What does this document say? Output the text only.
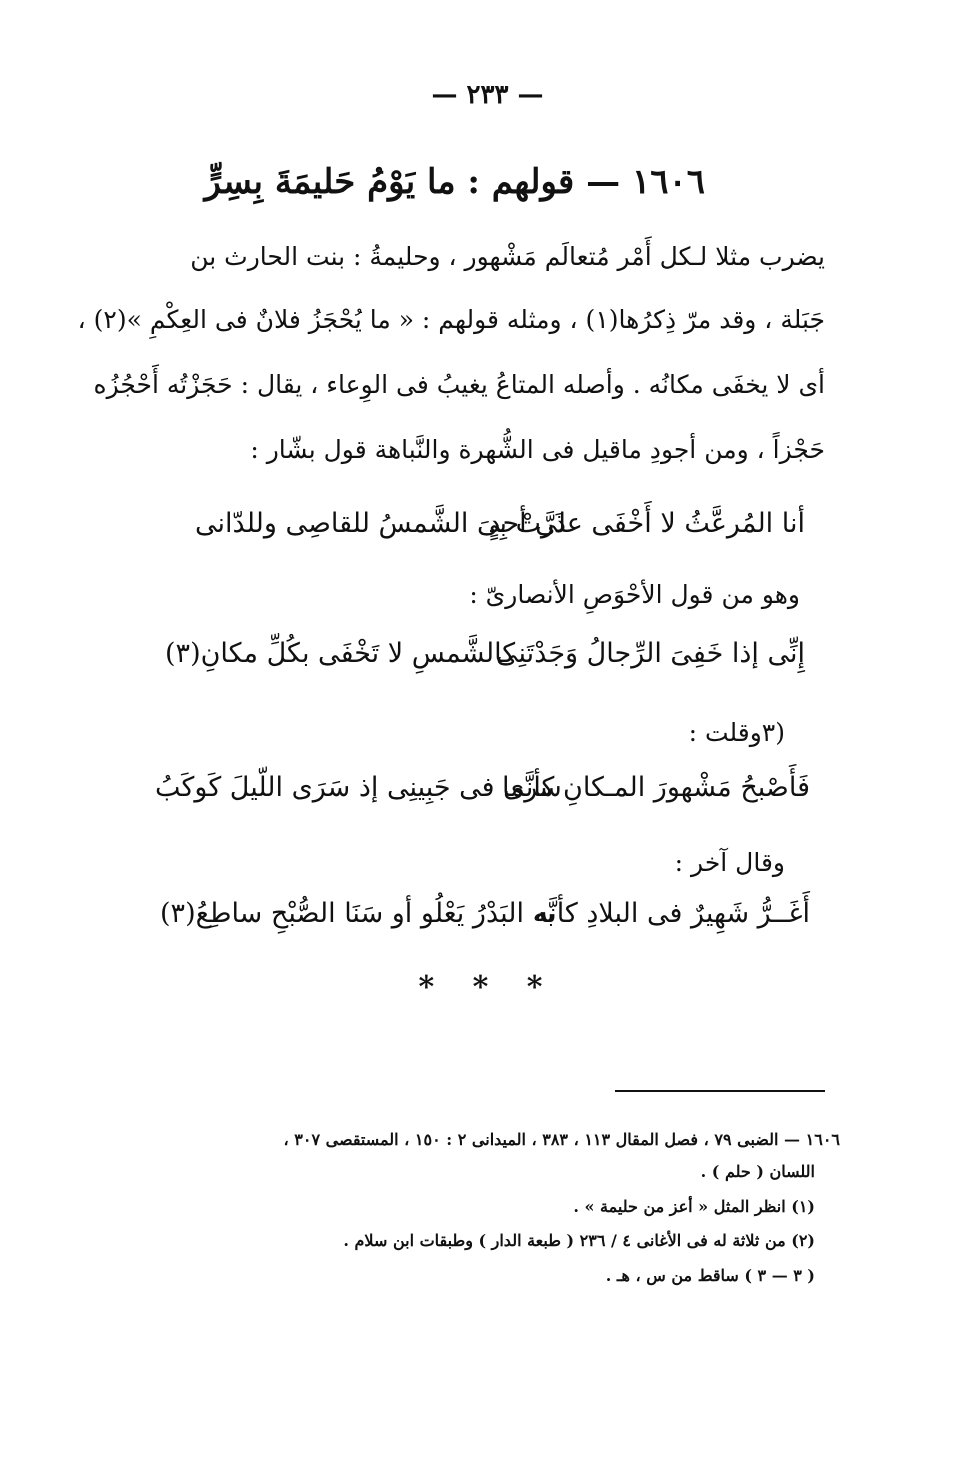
— ٢٣٣ —
١٦٠٦ — قولهم : ما يَوْمُ حَليمَةَ بِسِرٍّ
يضرب مثلا لـكل أَمْر مُتعالَم مَشْهور ، وحليمةُ : بنت الحارث بن
جَبَلة ، وقد مرّ ذِكرُها(١) ، ومثله قولهم : « ما يُحْجَزُ فلانٌ فى العِكْمِ »(٢) ،
أى لا يخفَى مكانُه . وأصله المتاعُ يغيبُ فى الوِعاء ، يقال : حَجَزْتُه أَحْجُزُه
حَجْزاً ، ومن أجودِ ماقيل فى الشُّهرة والنَّباهة قول بشّار :
أنا المُرعَّثُ لا أَخْفَى على أحدٍ
ذَرَّتْ بِىَ الشَّمسُ للقاصِى وللدّانى
وهو من قول الأحْوَصِ الأنصارىّ :
إِنِّى إذا خَفِىَ الرِّجالُ وَجَدْتَنِى
كالشَّمسِ لا تَخْفَى بكُلِّ مكانِ(٣)
(٣وقلت :
فَأَصْبحُ مَشْهورَ المـكانِ كأنَّما
سرى فى جَبِينِى إذ سَرَى اللّيلَ كَوكَبُ
وقال آخر :
أَغَــرُّ شَهِيرٌ فى البلادِ كأنَّه
به البَدْرُ يَعْلُو أو سَنَا الصُّبْحِ ساطِعُ(٣)
* * *
١٦٠٦ — الضبى ٧٩ ، فصل المقال ١١٣ ، ٣٨٣ ، الميدانى ٢ : ١٥٠ ، المستقصى ٣٠٧ ،
اللسان ( حلم ) .
(١) انظر المثل « أعز من حليمة » .
(٢) من ثلاثة له فى الأغانى ٤ / ٢٣٦ ( طبعة الدار ) وطبقات ابن سلام .
( ٣ — ٣ ) ساقط من س ، هـ .
